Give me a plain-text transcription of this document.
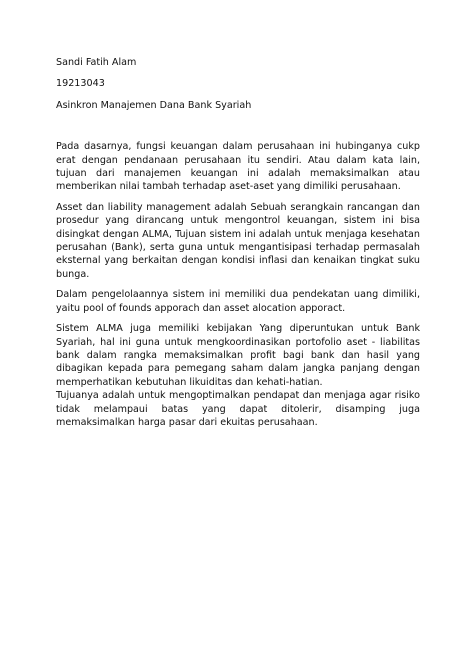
Sandi Fatih Alam
19213043
Asinkron Manajemen Dana Bank Syariah

Pada dasarnya, fungsi keuangan dalam perusahaan ini hubinganya cukp erat dengan pendanaan perusahaan itu sendiri. Atau dalam kata lain, tujuan dari manajemen keuangan ini adalah memaksimalkan atau memberikan nilai tambah terhadap aset-aset yang dimiliki perusahaan.

Asset dan liability management adalah Sebuah serangkain rancangan dan prosedur yang dirancang untuk mengontrol keuangan, sistem ini bisa disingkat dengan ALMA, Tujuan sistem ini adalah untuk menjaga kesehatan perusahan (Bank), serta guna untuk mengantisipasi terhadap permasalah eksternal yang berkaitan dengan kondisi inflasi dan kenaikan tingkat suku bunga.

Dalam pengelolaannya sistem ini memiliki dua pendekatan uang dimiliki, yaitu pool of founds apporach dan asset alocation apporact.

Sistem ALMA juga memiliki kebijakan Yang diperuntukan untuk Bank Syariah, hal ini guna untuk mengkoordinasikan portofolio aset - liabilitas bank dalam rangka memaksimalkan profit bagi bank dan hasil yang dibagikan kepada para pemegang saham dalam jangka panjang dengan memperhatikan kebutuhan likuiditas dan kehati-hatian.

Tujuanya adalah untuk mengoptimalkan pendapat dan menjaga agar risiko tidak melampaui batas yang dapat ditolerir, disamping juga memaksimalkan harga pasar dari ekuitas perusahaan.
